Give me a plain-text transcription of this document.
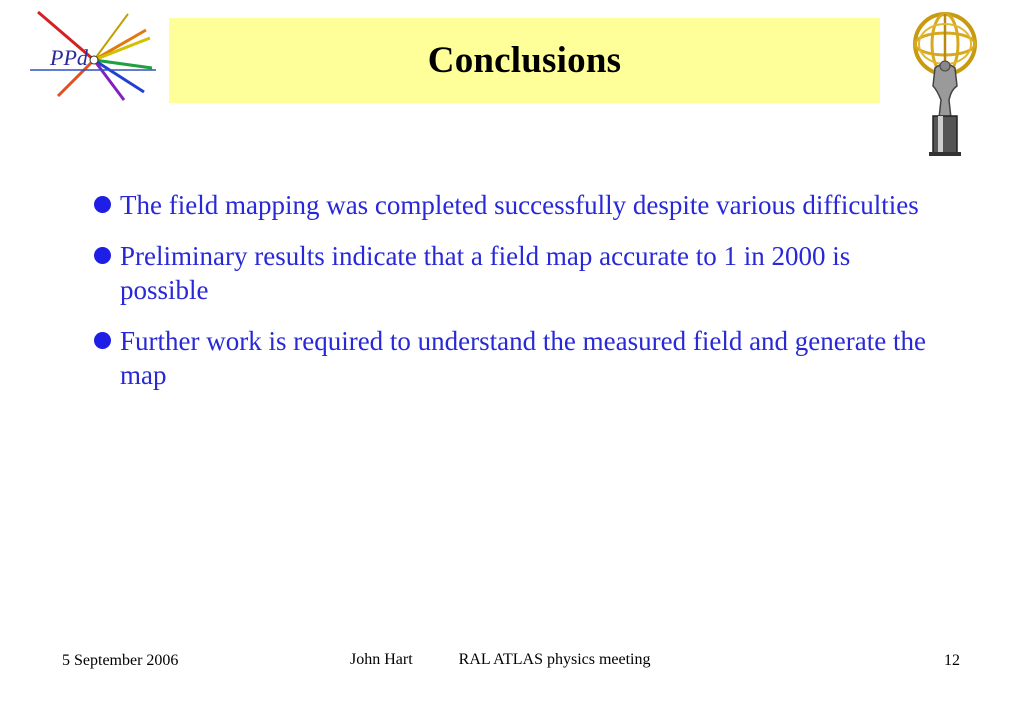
PPd	Conclusions
The field mapping was completed successfully despite various difficulties
Preliminary results indicate that a field map accurate to 1 in 2000 is possible
Further work is required to understand the measured field and generate the map
5 September 2006	John Hart	RAL ATLAS physics meeting	12
